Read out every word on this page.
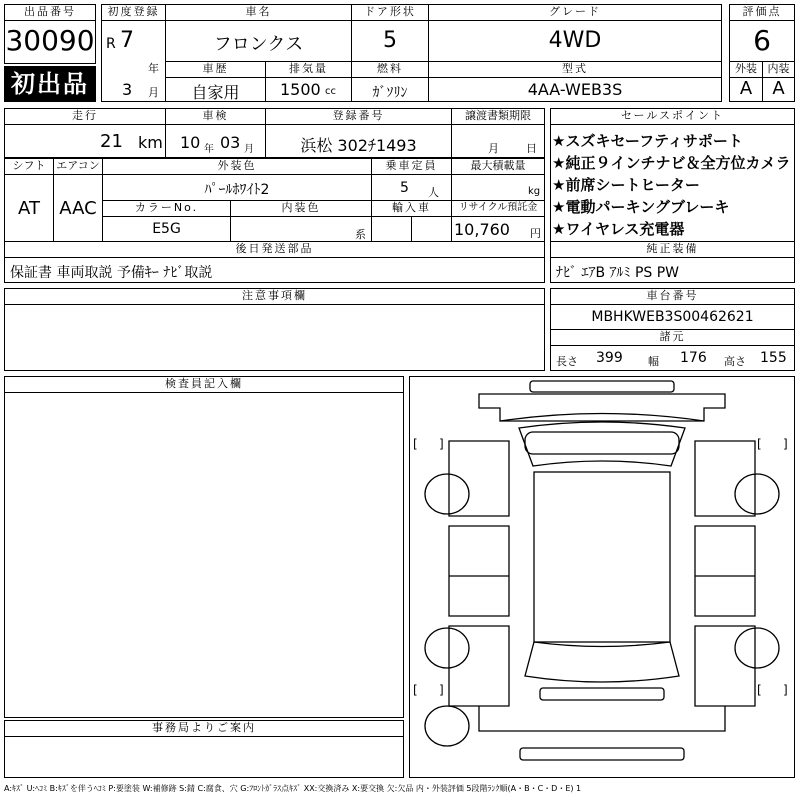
出品番号
30090
初出品
初度登録
R 7
年
3 月
車名
フロンクス
ドア形状
5
グレード
4WD
評価点
6
車歴	排気量	燃料	型式	外装 内装
自家用	1500 cc	ｶﾞｿﾘﾝ	4AA-WEB3S	A	A
走行
21 km
車検
10 年 03 月
登録番号
浜松 302ﾁ1493
譲渡書類期限
月 日
セールスポイント
★スズキセーフティサポート
★純正９インチナビ＆全方位カメラ
★前席シートヒーター
★電動パーキングブレーキ
★ワイヤレス充電器
シフト
AT
エアコン
AAC
外装色
ﾊﾟｰﾙﾎﾜｲﾄ2
乗車定員
5 人
最大積載量
kg
カラーNo.
E5G
内装色
系
輸入車	リサイクル預託金
10,760 円
後日発送部品
保証書 車両取説 予備ｷｰ ﾅﾋﾞ取説
純正装備
ﾅﾋﾞ ｴｱB ｱﾙﾐ PS PW
注意事項欄	車台番号
MBHKWEB3S00462621
諸元
長さ 399 幅 176 高さ 155
検査員記入欄
事務局よりご案内
[ ]	[ ]
[ ]	[ ]
A:ｷｽﾞ U:ﾍｺﾐ B:ｷｽﾞを伴うﾍｺﾐ P:要塗装 W:補修跡 S:錆 C:腐食、穴 G:ﾌﾛﾝﾄｶﾞﾗｽ点ｷｽﾞ XX:交換済み X:要交換 欠:欠品 内・外装評価 5段階ﾗﾝｸ順(A・B・C・D・E) 1
